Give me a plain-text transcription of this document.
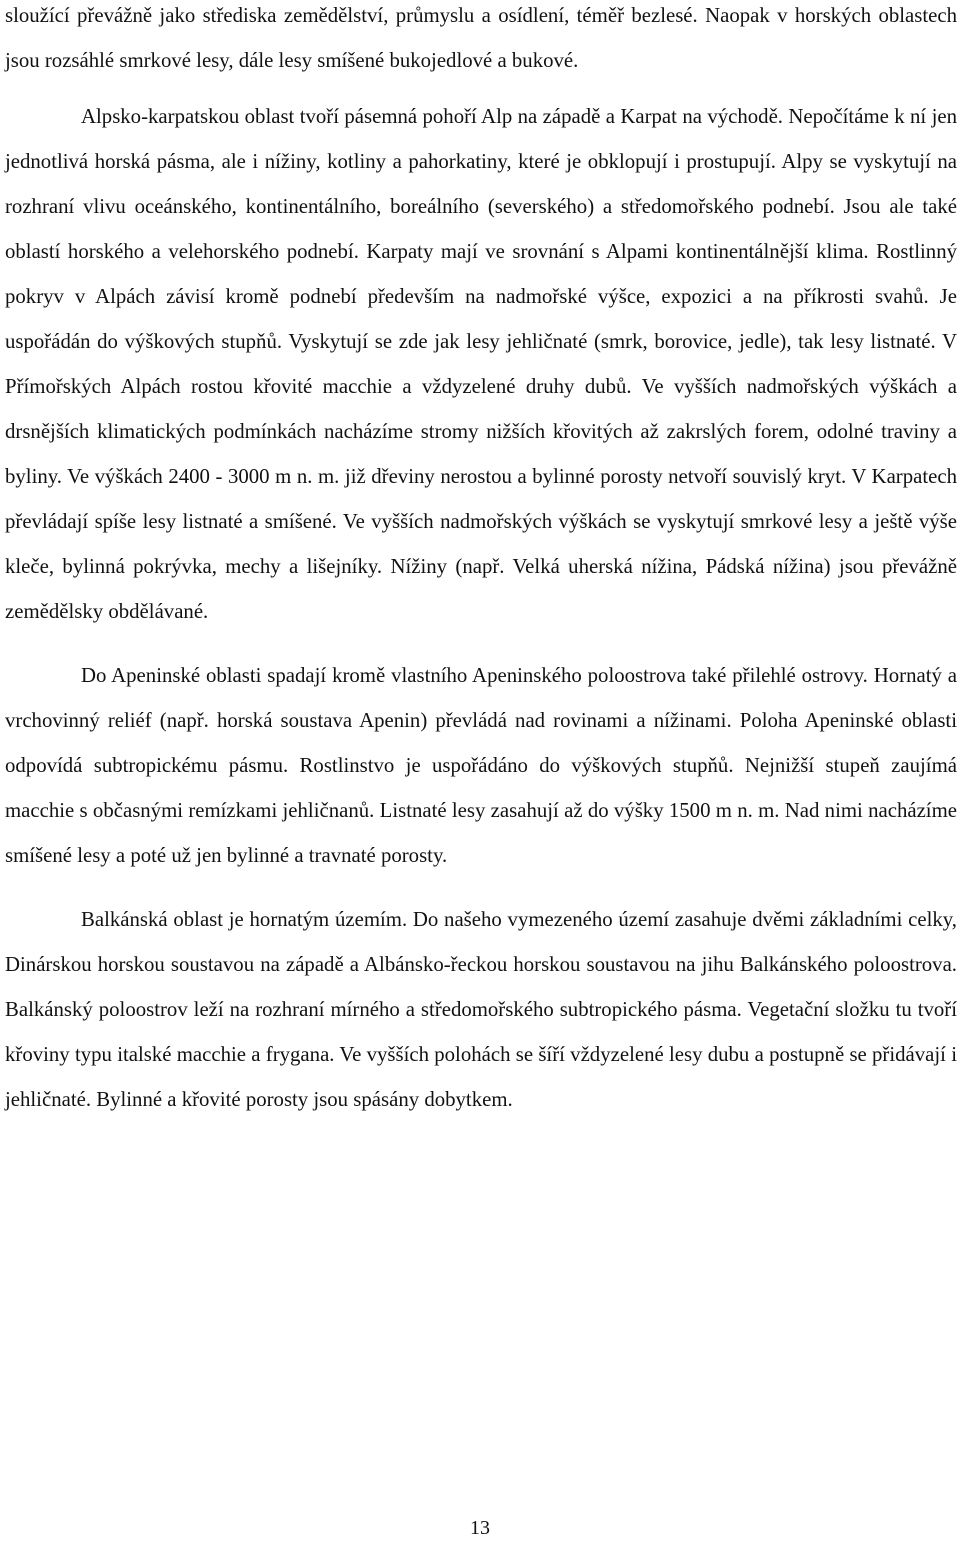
sloužící převážně jako střediska zemědělství, průmyslu a osídlení, téměř bezlesé. Naopak v horských oblastech jsou rozsáhlé smrkové lesy, dále lesy smíšené bukojedlové a bukové.

Alpsko-karpatskou oblast tvoří pásemná pohoří Alp na západě a Karpat na východě. Nepočítáme k ní jen jednotlivá horská pásma, ale i nížiny, kotliny a pahorkatiny, které je obklopují i prostupují. Alpy se vyskytují na rozhraní vlivu oceánského, kontinentálního, boreálního (severského) a středomořského podnebí. Jsou ale také oblastí horského a velehorského podnebí. Karpaty mají ve srovnání s Alpami kontinentálnější klima. Rostlinný pokryv v Alpách závisí kromě podnebí především na nadmořské výšce, expozici a na příkrosti svahů. Je uspořádán do výškových stupňů. Vyskytují se zde jak lesy jehličnaté (smrk, borovice, jedle), tak lesy listnaté. V Přímořských Alpách rostou křovité macchie a vždyzelené druhy dubů. Ve vyšších nadmořských výškách a drsnějších klimatických podmínkách nacházíme stromy nižších křovitých až zakrslých forem, odolné traviny a byliny. Ve výškách 2400 - 3000 m n. m. již dřeviny nerostou a bylinné porosty netvoří souvislý kryt. V Karpatech převládají spíše lesy listnaté a smíšené. Ve vyšších nadmořských výškách se vyskytují smrkové lesy a ještě výše kleče, bylinná pokrývka, mechy a lišejníky. Nížiny (např. Velká uherská nížina, Pádská nížina) jsou převážně zemědělsky obdělávané.

Do Apeninské oblasti spadají kromě vlastního Apeninského poloostrova také přilehlé ostrovy. Hornatý a vrchovinný reliéf (např. horská soustava Apenin) převládá nad rovinami a nížinami. Poloha Apeninské oblasti odpovídá subtropickému pásmu. Rostlinstvo je uspořádáno do výškových stupňů. Nejnižší stupeň zaujímá macchie s občasnými remízkami jehličnanů. Listnaté lesy zasahují až do výšky 1500 m n. m. Nad nimi nacházíme smíšené lesy a poté už jen bylinné a travnaté porosty.

Balkánská oblast je hornatým územím. Do našeho vymezeného území zasahuje dvěmi základními celky, Dinárskou horskou soustavou na západě a Albánsko-řeckou horskou soustavou na jihu Balkánského poloostrova. Balkánský poloostrov leží na rozhraní mírného a středomořského subtropického pásma. Vegetační složku tu tvoří křoviny typu italské macchie a frygana. Ve vyšších polohách se šíří vždyzelené lesy dubu a postupně se přidávají i jehličnaté. Bylinné a křovité porosty jsou spásány dobytkem.

13
